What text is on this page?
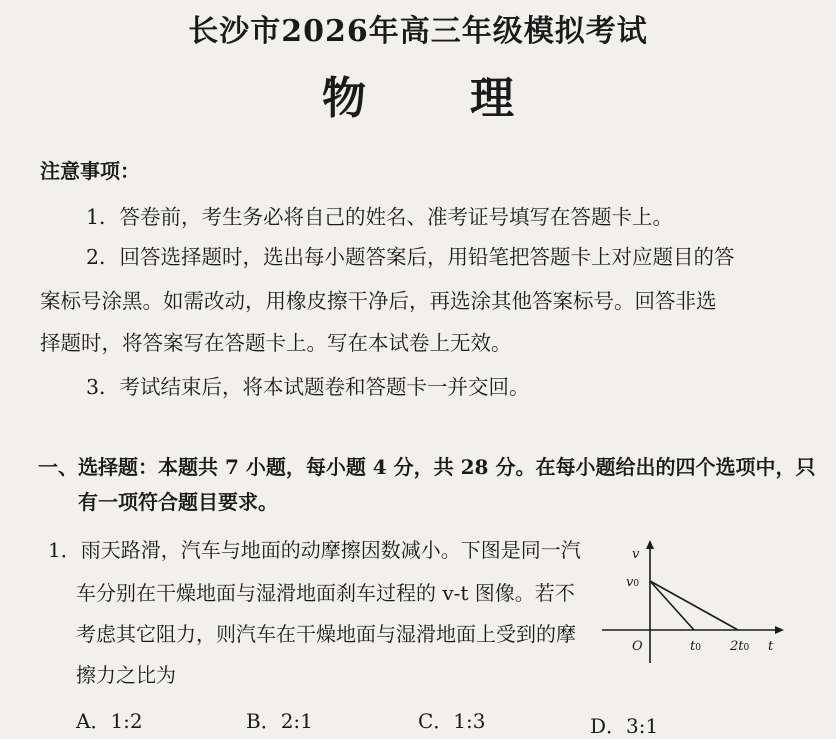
长沙市2026年高三年级模拟考试
物　理
注意事项：
1．答卷前，考生务必将自己的姓名、准考证号填写在答题卡上。
2．回答选择题时，选出每小题答案后，用铅笔把答题卡上对应题目的答
案标号涂黑。如需改动，用橡皮擦干净后，再选涂其他答案标号。回答非选
择题时，将答案写在答题卡上。写在本试卷上无效。
3．考试结束后，将本试题卷和答题卡一并交回。
一、选择题：本题共 7 小题，每小题 4 分，共 28 分。在每小题给出的四个选项中，只
有一项符合题目要求。
1．雨天路滑，汽车与地面的动摩擦因数减小。下图是同一汽
车分别在干燥地面与湿滑地面刹车过程的 v-t 图像。若不
考虑其它阻力，则汽车在干燥地面与湿滑地面上受到的摩
擦力之比为
A．1:2	B．2:1	C．1:3	D．3:1
v
v0
O	t0 2t0 t
